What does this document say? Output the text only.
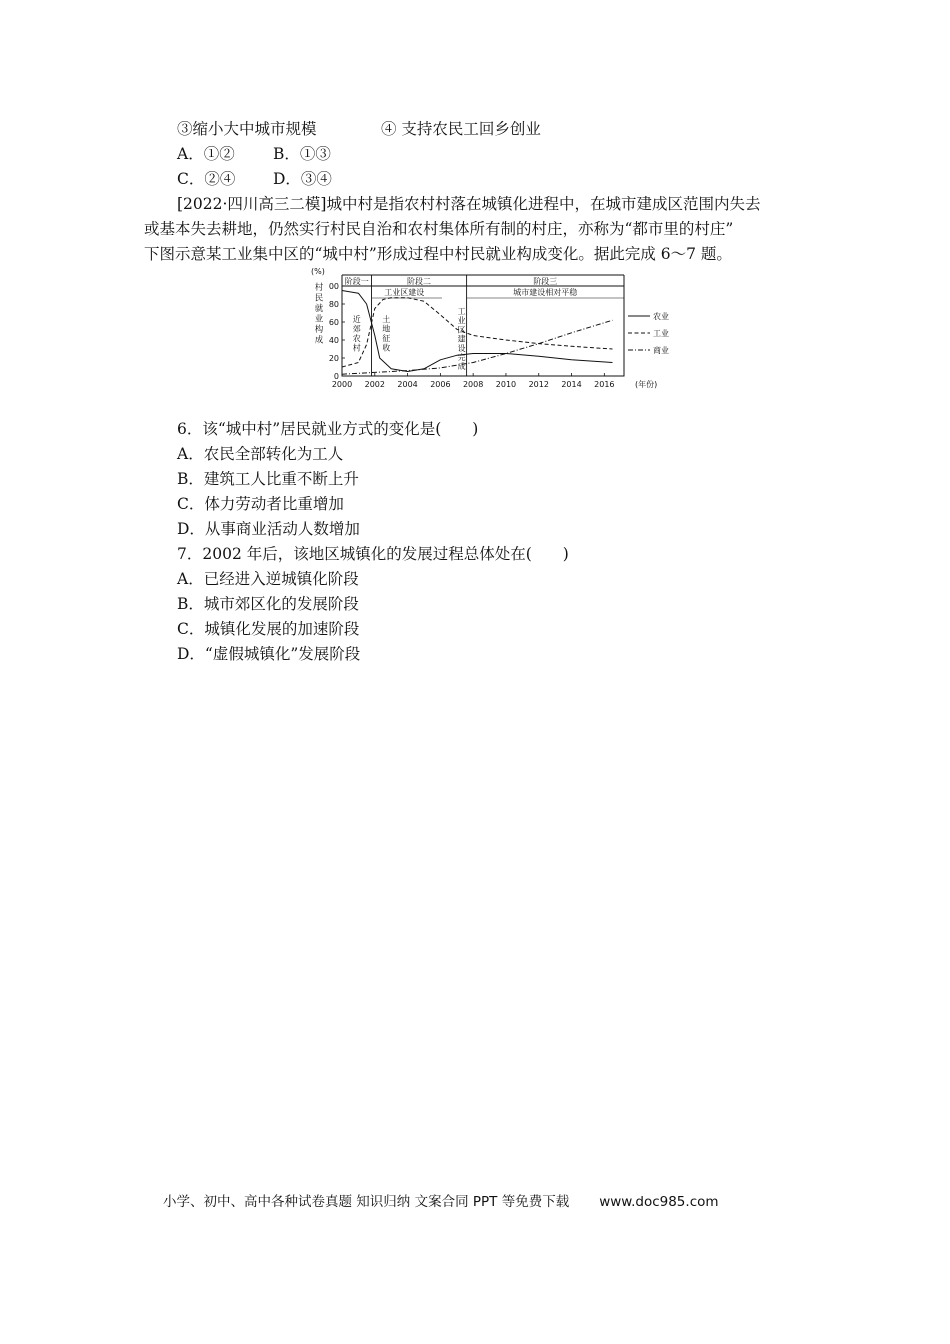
③缩小大中城市规模	④ 支持农民工回乡创业
A．①② B．①③
C．②④ D．③④
[2022·四川高三二模]城中村是指农村村落在城镇化进程中，在城市建成区范围内失去
或基本失去耕地，仍然实行村民自治和农村集体所有制的村庄，亦称为“都市里的村庄”
下图示意某工业集中区的“城中村”形成过程中村民就业构成变化。据此完成 6～7 题。
(%)
(年份)
村民就业构成
0
20
40
60
80
00
2000 2002 2004 2006 2008 2010 2012 2014 2016
阶段一	阶段二	阶段三
工业区建设	城市建设相对平稳
近郊农村
土地征收
工业区建设完成
农业
工业
商业
6．该“城中村”居民就业方式的变化是(　　)
A．农民全部转化为工人
B．建筑工人比重不断上升
C．体力劳动者比重增加
D．从事商业活动人数增加
7．2002 年后，该地区城镇化的发展过程总体处在(　　)
A．已经进入逆城镇化阶段
B．城市郊区化的发展阶段
C．城镇化发展的加速阶段
D．“虚假城镇化”发展阶段
小学、初中、高中各种试卷真题 知识归纳 文案合同 PPT 等免费下载 www.doc985.com
